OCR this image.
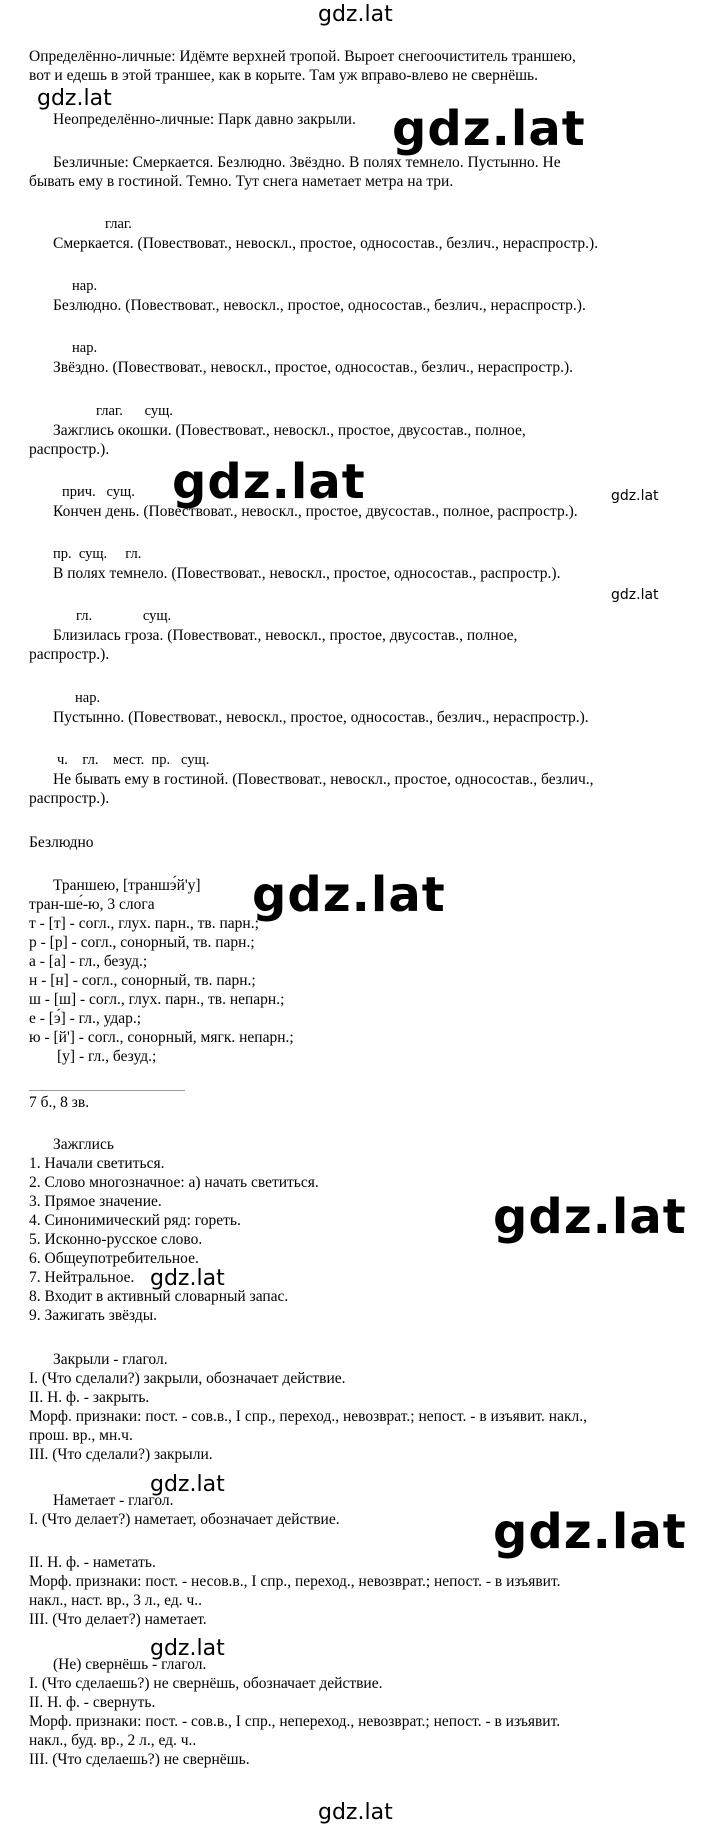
gdz.lat
gdz.lat
gdz.lat
gdz.lat	gdz.lat
gdz.lat
gdz.lat
gdz.lat
gdz.lat
gdz.lat
gdz.lat
gdz.lat
gdz.lat
Определённо-личные: Идёмте верхней тропой. Выроет снегоочиститель траншею,
вот и едешь в этой траншее, как в корыте. Там уж вправо-влево не свернёшь.
Неопределённо-личные: Парк давно закрыли.
Безличные: Смеркается. Безлюдно. Звёздно. В полях темнело. Пустынно. Не
бывать ему в гостиной. Темно. Тут снега наметает метра на три.
глаг.
Смеркается. (Повествоват., невоскл., простое, односостав., безлич., нераспростр.).
нар.
Безлюдно. (Повествоват., невоскл., простое, односостав., безлич., нераспростр.).
нар.
Звёздно. (Повествоват., невоскл., простое, односостав., безлич., нераспростр.).
глаг.      сущ.
Зажглись окошки. (Повествоват., невоскл., простое, двусостав., полное,
распростр.).
прич.   сущ.
Кончен день. (Повествоват., невоскл., простое, двусостав., полное, распростр.).
пр.  сущ.     гл.
В полях темнело. (Повествоват., невоскл., простое, односостав., распростр.).
гл.              сущ.
Близилась гроза. (Повествоват., невоскл., простое, двусостав., полное,
распростр.).
нар.
Пустынно. (Повествоват., невоскл., простое, односостав., безлич., нераспростр.).
ч.    гл.    мест.  пр.   сущ.
Не бывать ему в гостиной. (Повествоват., невоскл., простое, односостав., безлич.,
распростр.).
Безлюдно
Траншею, [траншэ́й'у]
тран-ше́-ю, 3 слога
т - [т] - согл., глух. парн., тв. парн.;
р - [р] - согл., сонорный, тв. парн.;
а - [а] - гл., безуд.;
н - [н] - согл., сонорный, тв. парн.;
ш - [ш] - согл., глух. парн., тв. непарн.;
е - [э́] - гл., удар.;
ю - [й'] - согл., сонорный, мягк. непарн.;
[у] - гл., безуд.;
7 б., 8 зв.
Зажглись
1. Начали светиться.
2. Слово многозначное: а) начать светиться.
3. Прямое значение.
4. Синонимический ряд: гореть.
5. Исконно-русское слово.
6. Общеупотребительное.
7. Нейтральное.
8. Входит в активный словарный запас.
9. Зажигать звёзды.
Закрыли - глагол.
I. (Что сделали?) закрыли, обозначает действие.
II. Н. ф. - закрыть.
Морф. признаки: пост. - сов.в., I спр., переход., невозврат.; непост. - в изъявит. накл.,
прош. вр., мн.ч.
III. (Что сделали?) закрыли.
Наметает - глагол.
I. (Что делает?) наметает, обозначает действие.
II. Н. ф. - наметать.
Морф. признаки: пост. - несов.в., I спр., переход., невозврат.; непост. - в изъявит.
накл., наст. вр., 3 л., ед. ч..
III. (Что делает?) наметает.
(Не) свернёшь - глагол.
I. (Что сделаешь?) не свернёшь, обозначает действие.
II. Н. ф. - свернуть.
Морф. признаки: пост. - сов.в., I спр., непереход., невозврат.; непост. - в изъявит.
накл., буд. вр., 2 л., ед. ч..
III. (Что сделаешь?) не свернёшь.
